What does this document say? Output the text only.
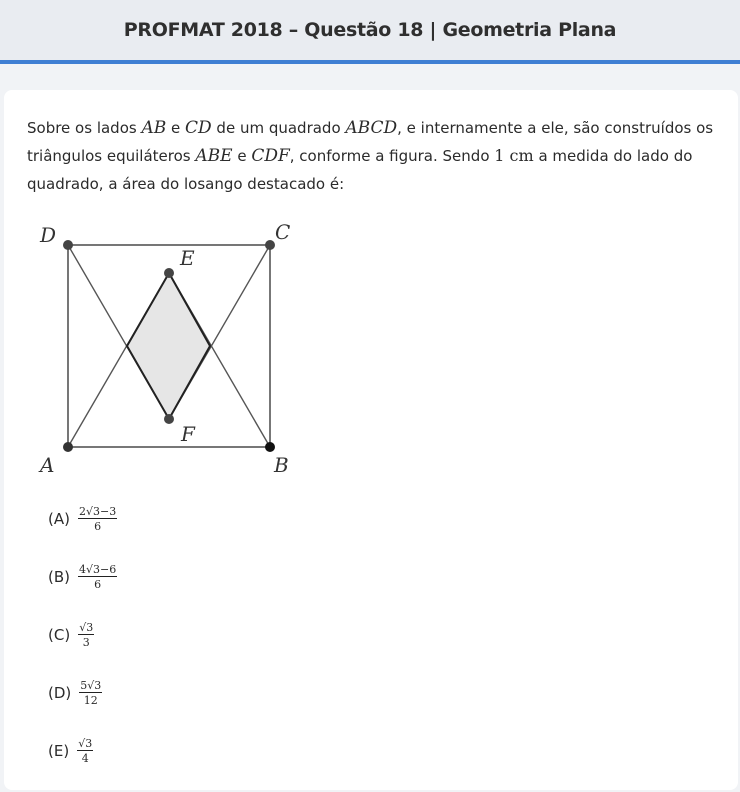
PROFMAT 2018 – Questão 18 | Geometria Plana
Sobre os lados AB e CD de um quadrado ABCD, e internamente a ele, são construídos os triângulos equiláteros ABE e CDF, conforme a figura. Sendo 1 cm a medida do lado do quadrado, a área do losango destacado é:
A	B
C
D
E
F
$(A) \frac{2√3-3}{6}$
$(B) \frac{4√3-6}{6}$
$(C) \frac{√3}{3}$
$(D) \frac{5√3}{12}$
$(E) \frac{√3}{4}$
